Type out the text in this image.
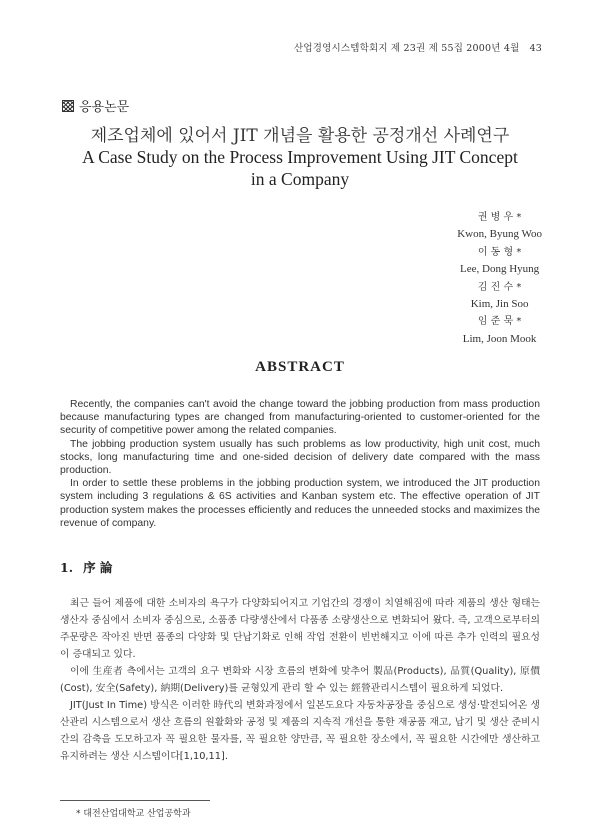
산업경영시스템학회지 제 23권 제 55집 2000년 4월 43
응용논문
제조업체에 있어서 JIT 개념을 활용한 공정개선 사례연구
A Case Study on the Process Improvement Using JIT Concept
in a Company
권 병 우 *
Kwon, Byung Woo
이 동 형 *
Lee, Dong Hyung
김 진 수 *
Kim, Jin Soo
임 준 묵 *
Lim, Joon Mook
ABSTRACT

Recently, the companies can't avoid the change toward the jobbing production from mass production because manufacturing types are changed from manufacturing-oriented to customer-oriented for the security of competitive power among the related companies.

The jobbing production system usually has such problems as low productivity, high unit cost, much stocks, long manufacturing time and one-sided decision of delivery date compared with the mass production.

In order to settle these problems in the jobbing production system, we introduced the JIT production system including 3 regulations & 6S activities and Kanban system etc. The effective operation of JIT production system makes the processes efficiently and reduces the unneeded stocks and maximizes the revenue of company.

1. 序 論

최근 들어 제품에 대한 소비자의 욕구가 다양화되어지고 기업간의 경쟁이 치열해짐에 따라 제품의 생산 형태는 생산자 중심에서 소비자 중심으로, 소품종 다량생산에서 다품종 소량생산으로 변화되어 왔다. 즉, 고객으로부터의 주문량은 작아진 반면 품종의 다양화 및 단납기화로 인해 작업 전환이 빈번해지고 이에 따른 추가 인력의 필요성이 증대되고 있다.

이에 生産者 측에서는 고객의 요구 변화와 시장 흐름의 변화에 맞추어 製品(Products), 品質(Quality), 原價(Cost), 安全(Safety), 納期(Delivery)를 균형있게 관리 할 수 있는 經營관리시스템이 필요하게 되었다.

JIT(Just In Time) 방식은 이러한 時代의 변화과정에서 일본도요다 자동차공장을 중심으로 생성·발전되어온 생산관리 시스템으로서 생산 흐름의 원활화와 공정 및 제품의 지속적 개선을 통한 재공품 재고, 납기 및 생산 준비시간의 감축을 도모하고자 꼭 필요한 물자를, 꼭 필요한 양만큼, 꼭 필요한 장소에서, 꼭 필요한 시간에만 생산하고 유지하려는 생산 시스템이다[1,10,11].

* 대전산업대학교 산업공학과
